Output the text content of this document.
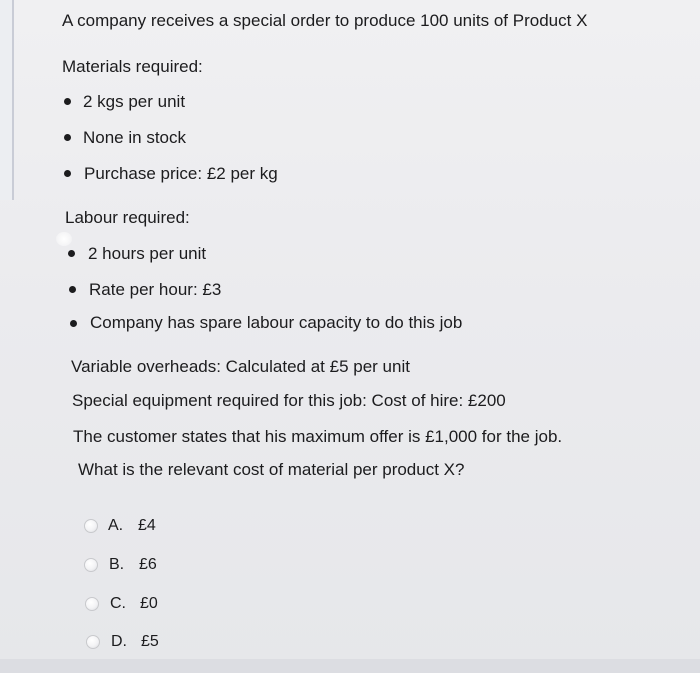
A company receives a special order to produce 100 units of Product X
Materials required:
2 kgs per unit
None in stock
Purchase price: £2 per kg
Labour required:
2 hours per unit
Rate per hour: £3
Company has spare labour capacity to do this job
Variable overheads: Calculated at £5 per unit
Special equipment required for this job: Cost of hire: £200
The customer states that his maximum offer is £1,000 for the job.
What is the relevant cost of material per product X?
A. £4
B. £6
C. £0
D. £5
